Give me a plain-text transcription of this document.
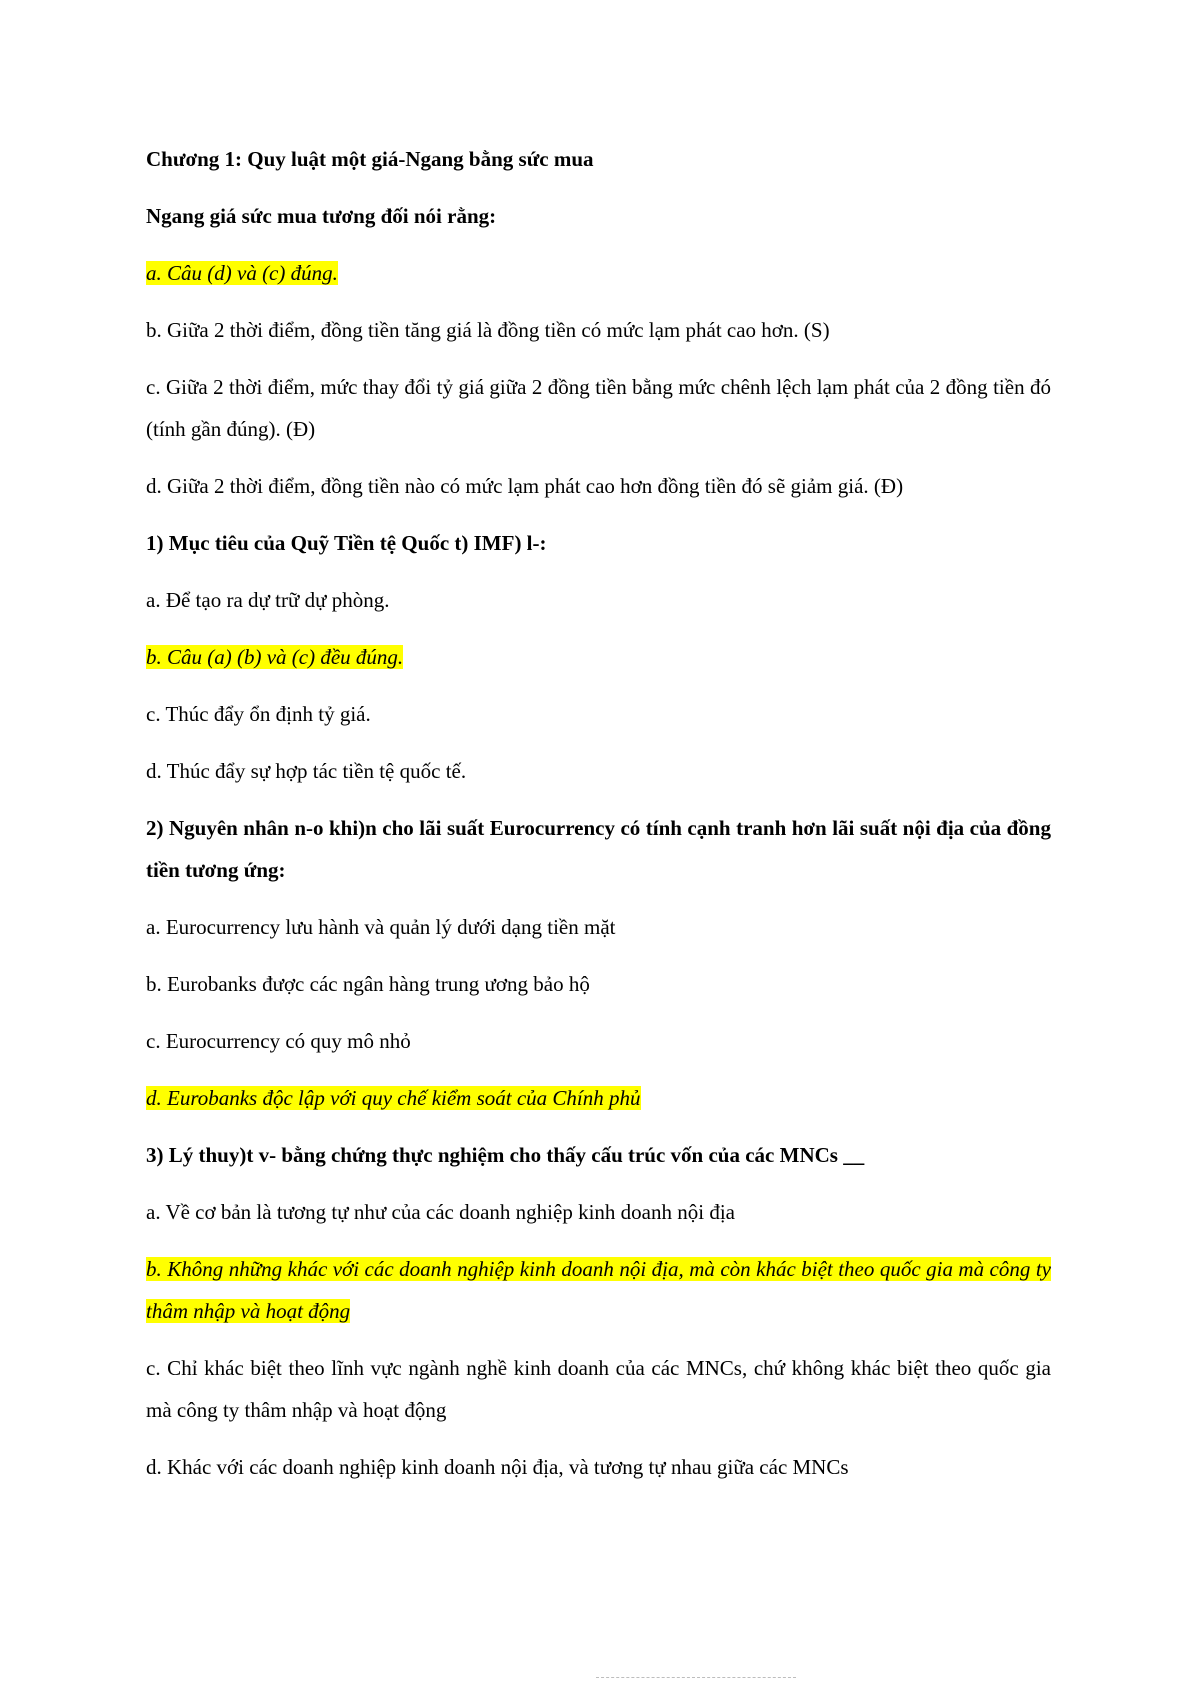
Chương 1: Quy luật một giá-Ngang bằng sức mua

Ngang giá sức mua tương đối nói rằng:

a. Câu (d) và (c) đúng.

b. Giữa 2 thời điểm, đồng tiền tăng giá là đồng tiền có mức lạm phát cao hơn. (S)

c. Giữa 2 thời điểm, mức thay đổi tỷ giá giữa 2 đồng tiền bằng mức chênh lệch lạm phát của 2 đồng tiền đó (tính gần đúng). (Đ)

d. Giữa 2 thời điểm, đồng tiền nào có mức lạm phát cao hơn đồng tiền đó sẽ giảm giá. (Đ)

1) Mục tiêu của Quỹ Tiền tệ Quốc t) IMF) l-:

a. Để tạo ra dự trữ dự phòng.

b. Câu (a) (b) và (c) đều đúng.

c. Thúc đẩy ổn định tỷ giá.

d. Thúc đẩy sự hợp tác tiền tệ quốc tế.

2) Nguyên nhân n-o khi)n cho lãi suất Eurocurrency có tính cạnh tranh hơn lãi suất nội địa của đồng tiền tương ứng:

a. Eurocurrency lưu hành và quản lý dưới dạng tiền mặt

b. Eurobanks được các ngân hàng trung ương bảo hộ

c. Eurocurrency có quy mô nhỏ

d. Eurobanks độc lập với quy chế kiểm soát của Chính phủ

3) Lý thuy)t v- bằng chứng thực nghiệm cho thấy cấu trúc vốn của các MNCs __

a. Về cơ bản là tương tự như của các doanh nghiệp kinh doanh nội địa

b. Không những khác với các doanh nghiệp kinh doanh nội địa, mà còn khác biệt theo quốc gia mà công ty thâm nhập và hoạt động

c. Chỉ khác biệt theo lĩnh vực ngành nghề kinh doanh của các MNCs, chứ không khác biệt theo quốc gia mà công ty thâm nhập và hoạt động

d. Khác với các doanh nghiệp kinh doanh nội địa, và tương tự nhau giữa các MNCs
